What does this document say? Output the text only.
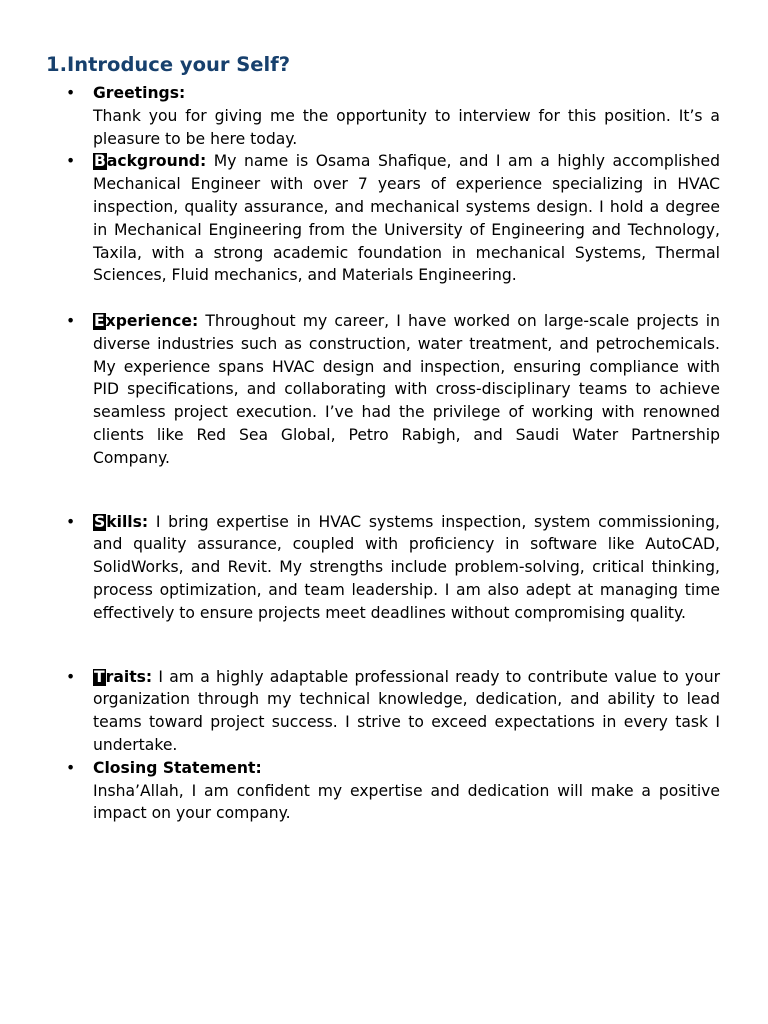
1.Introduce your Self?
• Greetings:
Thank you for giving me the opportunity to interview for this position. It’s a pleasure to be here today.
• Background: My name is Osama Shafique, and I am a highly accomplished Mechanical Engineer with over 7 years of experience specializing in HVAC inspection, quality assurance, and mechanical systems design. I hold a degree in Mechanical Engineering from the University of Engineering and Technology, Taxila, with a strong academic foundation in mechanical Systems, Thermal Sciences, Fluid mechanics, and Materials Engineering.
• Experience: Throughout my career, I have worked on large-scale projects in diverse industries such as construction, water treatment, and petrochemicals. My experience spans HVAC design and inspection, ensuring compliance with PID specifications, and collaborating with cross-disciplinary teams to achieve seamless project execution. I’ve had the privilege of working with renowned clients like Red Sea Global, Petro Rabigh, and Saudi Water Partnership Company.
• Skills: I bring expertise in HVAC systems inspection, system commissioning, and quality assurance, coupled with proficiency in software like AutoCAD, SolidWorks, and Revit. My strengths include problem-solving, critical thinking, process optimization, and team leadership. I am also adept at managing time effectively to ensure projects meet deadlines without compromising quality.
• Traits: I am a highly adaptable professional ready to contribute value to your organization through my technical knowledge, dedication, and ability to lead teams toward project success. I strive to exceed expectations in every task I undertake.
• Closing Statement:
Insha’Allah, I am confident my expertise and dedication will make a positive impact on your company.
